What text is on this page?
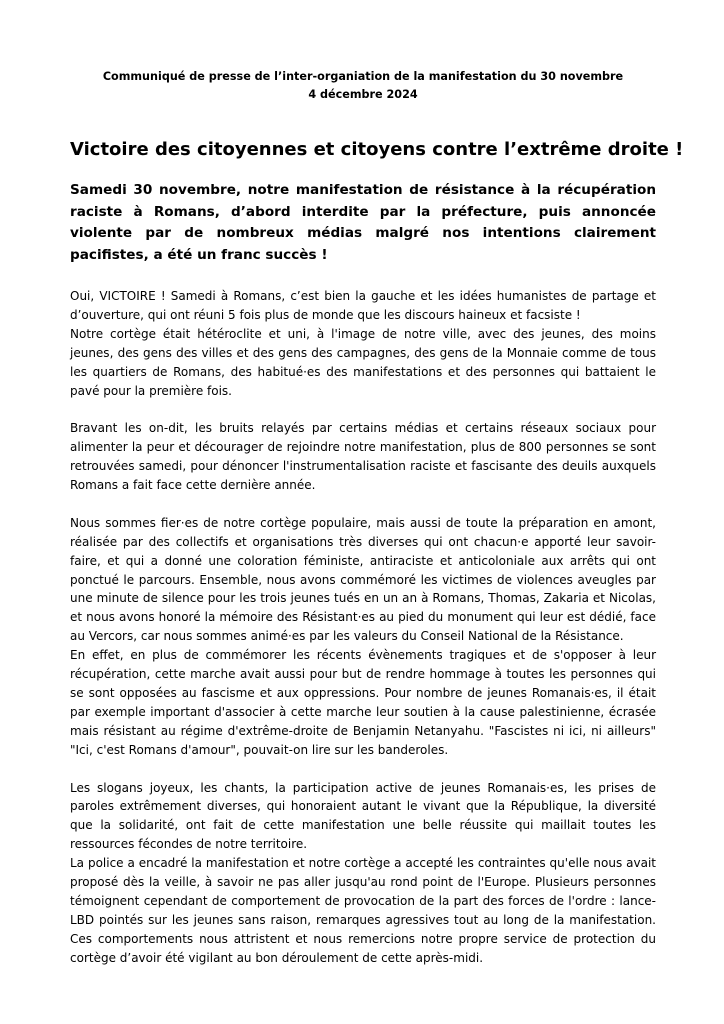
Communiqué de presse de l’inter-organiation de la manifestation du 30 novembre

4 décembre 2024

Victoire des citoyennes et citoyens contre l’extrême droite !

Samedi 30 novembre, notre manifestation de résistance à la récupération raciste à Romans, d’abord interdite par la préfecture, puis annoncée violente par de nombreux médias malgré nos intentions clairement pacifistes, a été un franc succès !

Oui, VICTOIRE ! Samedi à Romans, c’est bien la gauche et les idées humanistes de partage et d’ouverture, qui ont réuni 5 fois plus de monde que les discours haineux et facsiste !

Notre cortège était hétéroclite et uni, à l'image de notre ville, avec des jeunes, des moins jeunes, des gens des villes et des gens des campagnes, des gens de la Monnaie comme de tous les quartiers de Romans, des habitué·es des manifestations et des personnes qui battaient le pavé pour la première fois.

Bravant les on-dit, les bruits relayés par certains médias et certains réseaux sociaux pour alimenter la peur et décourager de rejoindre notre manifestation, plus de 800 personnes se sont retrouvées samedi, pour dénoncer l'instrumentalisation raciste et fascisante des deuils auxquels Romans a fait face cette dernière année.

Nous sommes fier·es de notre cortège populaire, mais aussi de toute la préparation en amont, réalisée par des collectifs et organisations très diverses qui ont chacun·e apporté leur savoir-faire, et qui a donné une coloration féministe, antiraciste et anticoloniale aux arrêts qui ont ponctué le parcours. Ensemble, nous avons commémoré les victimes de violences aveugles par une minute de silence pour les trois jeunes tués en un an à Romans, Thomas, Zakaria et Nicolas, et nous avons honoré la mémoire des Résistant·es au pied du monument qui leur est dédié, face au Vercors, car nous sommes animé·es par les valeurs du Conseil National de la Résistance.

En effet, en plus de commémorer les récents évènements tragiques et de s'opposer à leur récupération, cette marche avait aussi pour but de rendre hommage à toutes les personnes qui se sont opposées au fascisme et aux oppressions. Pour nombre de jeunes Romanais·es, il était par exemple important d'associer à cette marche leur soutien à la cause palestinienne, écrasée mais résistant au régime d'extrême-droite de Benjamin Netanyahu. "Fascistes ni ici, ni ailleurs" "Ici, c'est Romans d'amour", pouvait-on lire sur les banderoles.

Les slogans joyeux, les chants, la participation active de jeunes Romanais·es, les prises de paroles extrêmement diverses, qui honoraient autant le vivant que la République, la diversité que la solidarité, ont fait de cette manifestation une belle réussite qui maillait toutes les ressources fécondes de notre territoire.

La police a encadré la manifestation et notre cortège a accepté les contraintes qu'elle nous avait proposé dès la veille, à savoir ne pas aller jusqu'au rond point de l'Europe. Plusieurs personnes témoignent cependant de comportement de provocation de la part des forces de l'ordre : lance-LBD pointés sur les jeunes sans raison, remarques agressives tout au long de la manifestation. Ces comportements nous attristent et nous remercions notre propre service de protection du cortège d’avoir été vigilant au bon déroulement de cette après-midi.
